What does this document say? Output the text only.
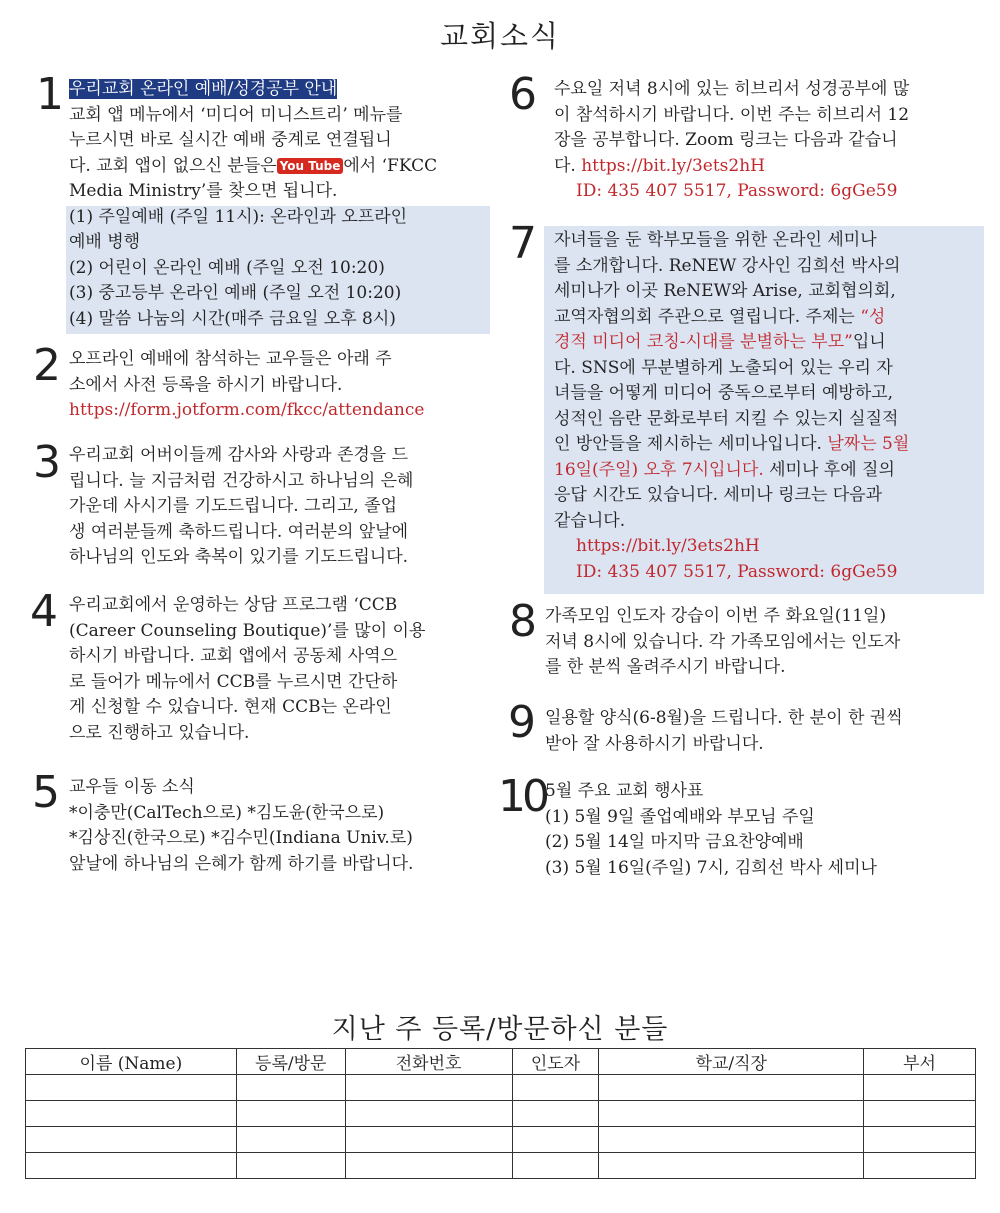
교회소식
1 우리교회 온라인 예배/성경공부 안내
교회 앱 메뉴에서 ‘미디어 미니스트리’ 메뉴를
누르시면 바로 실시간 예배 중계로 연결됩니
다. 교회 앱이 없으신 분들은 You Tube 에서 ‘FKCC
Media Ministry’를 찾으면 됩니다.
(1) 주일예배 (주일 11시): 온라인과 오프라인
예배 병행
(2) 어린이 온라인 예배 (주일 오전 10:20)
(3) 중고등부 온라인 예배 (주일 오전 10:20)
(4) 말씀 나눔의 시간(매주 금요일 오후 8시)
2 오프라인 예배에 참석하는 교우들은 아래 주
소에서 사전 등록을 하시기 바랍니다.
https://form.jotform.com/fkcc/attendance
3 우리교회 어버이들께 감사와 사랑과 존경을 드
립니다. 늘 지금처럼 건강하시고 하나님의 은혜
가운데 사시기를 기도드립니다. 그리고, 졸업
생 여러분들께 축하드립니다. 여러분의 앞날에
하나님의 인도와 축복이 있기를 기도드립니다.
4 우리교회에서 운영하는 상담 프로그램 ‘CCB
(Career Counseling Boutique)’를 많이 이용
하시기 바랍니다. 교회 앱에서 공동체 사역으
로 들어가 메뉴에서 CCB를 누르시면 간단하
게 신청할 수 있습니다. 현재 CCB는 온라인
으로 진행하고 있습니다.
5 교우들 이동 소식
*이충만(CalTech으로) *김도윤(한국으로)
*김상진(한국으로) *김수민(Indiana Univ.로)
앞날에 하나님의 은혜가 함께 하기를 바랍니다.
6 수요일 저녁 8시에 있는 히브리서 성경공부에 많
이 참석하시기 바랍니다. 이번 주는 히브리서 12
장을 공부합니다. Zoom 링크는 다음과 같습니
다. https://bit.ly/3ets2hH
ID: 435 407 5517, Password: 6gGe59
7 자녀들을 둔 학부모들을 위한 온라인 세미나
를 소개합니다. ReNEW 강사인 김희선 박사의
세미나가 이곳 ReNEW와 Arise, 교회협의회,
교역자협의회 주관으로 열립니다. 주제는 “성
경적 미디어 코칭-시대를 분별하는 부모”입니
다. SNS에 무분별하게 노출되어 있는 우리 자
녀들을 어떻게 미디어 중독으로부터 예방하고,
성적인 음란 문화로부터 지킬 수 있는지 실질적
인 방안들을 제시하는 세미나입니다. 날짜는 5월
16일(주일) 오후 7시입니다. 세미나 후에 질의
응답 시간도 있습니다. 세미나 링크는 다음과
같습니다.
https://bit.ly/3ets2hH
ID: 435 407 5517, Password: 6gGe59
8 가족모임 인도자 강습이 이번 주 화요일(11일)
저녁 8시에 있습니다. 각 가족모임에서는 인도자
를 한 분씩 올려주시기 바랍니다.
9 일용할 양식(6-8월)을 드립니다. 한 분이 한 권씩
받아 잘 사용하시기 바랍니다.
10 5월 주요 교회 행사표
(1) 5월 9일 졸업예배와 부모님 주일
(2) 5월 14일 마지막 금요찬양예배
(3) 5월 16일(주일) 7시, 김희선 박사 세미나
지난 주 등록/방문하신 분들
이름 (Name)	등록/방문	전화번호	인도자	학교/직장	부서
